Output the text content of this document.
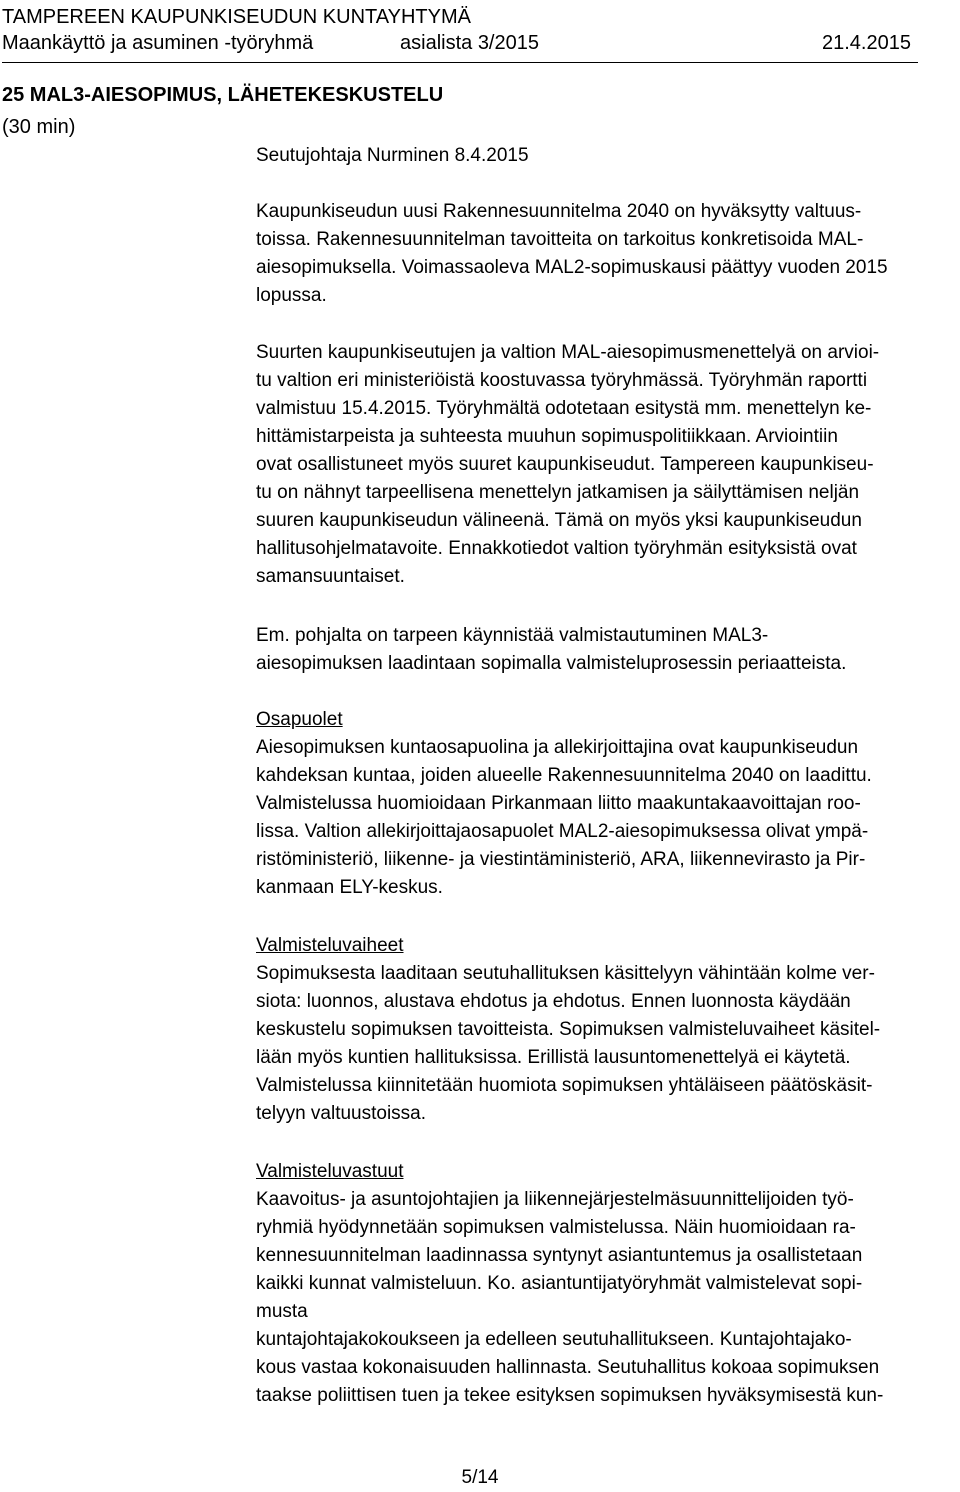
TAMPEREEN KAUPUNKISEUDUN KUNTAYHTYMÄ
Maankäyttö ja asuminen -työryhmä	asialista 3/2015	21.4.2015
25 MAL3-AIESOPIMUS, LÄHETEKESKUSTELU
(30 min)
Seutujohtaja Nurminen 8.4.2015
Kaupunkiseudun uusi Rakennesuunnitelma 2040 on hyväksytty valtuus-
toissa. Rakennesuunnitelman tavoitteita on tarkoitus konkretisoida MAL-
aiesopimuksella. Voimassaoleva MAL2-sopimuskausi päättyy vuoden 2015
lopussa.
Suurten kaupunkiseutujen ja valtion MAL-aiesopimusmenettelyä on arvioi-
tu valtion eri ministeriöistä koostuvassa työryhmässä. Työryhmän raportti
valmistuu 15.4.2015. Työryhmältä odotetaan esitystä mm. menettelyn ke-
hittämistarpeista ja suhteesta muuhun sopimuspolitiikkaan. Arviointiin
ovat osallistuneet myös suuret kaupunkiseudut. Tampereen kaupunkiseu-
tu on nähnyt tarpeellisena menettelyn jatkamisen ja säilyttämisen neljän
suuren kaupunkiseudun välineenä. Tämä on myös yksi kaupunkiseudun
hallitusohjelmatavoite. Ennakkotiedot valtion työryhmän esityksistä ovat
samansuuntaiset.
Em. pohjalta on tarpeen käynnistää valmistautuminen MAL3-
aiesopimuksen laadintaan sopimalla valmisteluprosessin periaatteista.
Osapuolet
Aiesopimuksen kuntaosapuolina ja allekirjoittajina ovat kaupunkiseudun
kahdeksan kuntaa, joiden alueelle Rakennesuunnitelma 2040 on laadittu.
Valmistelussa huomioidaan Pirkanmaan liitto maakuntakaavoittajan roo-
lissa. Valtion allekirjoittajaosapuolet MAL2-aiesopimuksessa olivat ympä-
ristöministeriö, liikenne- ja viestintäministeriö, ARA, liikennevirasto ja Pir-
kanmaan ELY-keskus.
Valmisteluvaiheet
Sopimuksesta laaditaan seutuhallituksen käsittelyyn vähintään kolme ver-
siota: luonnos, alustava ehdotus ja ehdotus. Ennen luonnosta käydään
keskustelu sopimuksen tavoitteista. Sopimuksen valmisteluvaiheet käsitel-
lään myös kuntien hallituksissa. Erillistä lausuntomenettelyä ei käytetä.
Valmistelussa kiinnitetään huomiota sopimuksen yhtäläiseen päätöskäsit-
telyyn valtuustoissa.
Valmisteluvastuut
Kaavoitus- ja asuntojohtajien ja liikennejärjestelmäsuunnittelijoiden työ-
ryhmiä hyödynnetään sopimuksen valmistelussa. Näin huomioidaan ra-
kennesuunnitelman laadinnassa syntynyt asiantuntemus ja osallistetaan
kaikki kunnat valmisteluun. Ko. asiantuntijatyöryhmät valmistelevat sopi-
musta
kuntajohtajakokoukseen ja edelleen seutuhallitukseen. Kuntajohtajako-
kous vastaa kokonaisuuden hallinnasta. Seutuhallitus kokoaa sopimuksen
taakse poliittisen tuen ja tekee esityksen sopimuksen hyväksymisestä kun-
5/14
